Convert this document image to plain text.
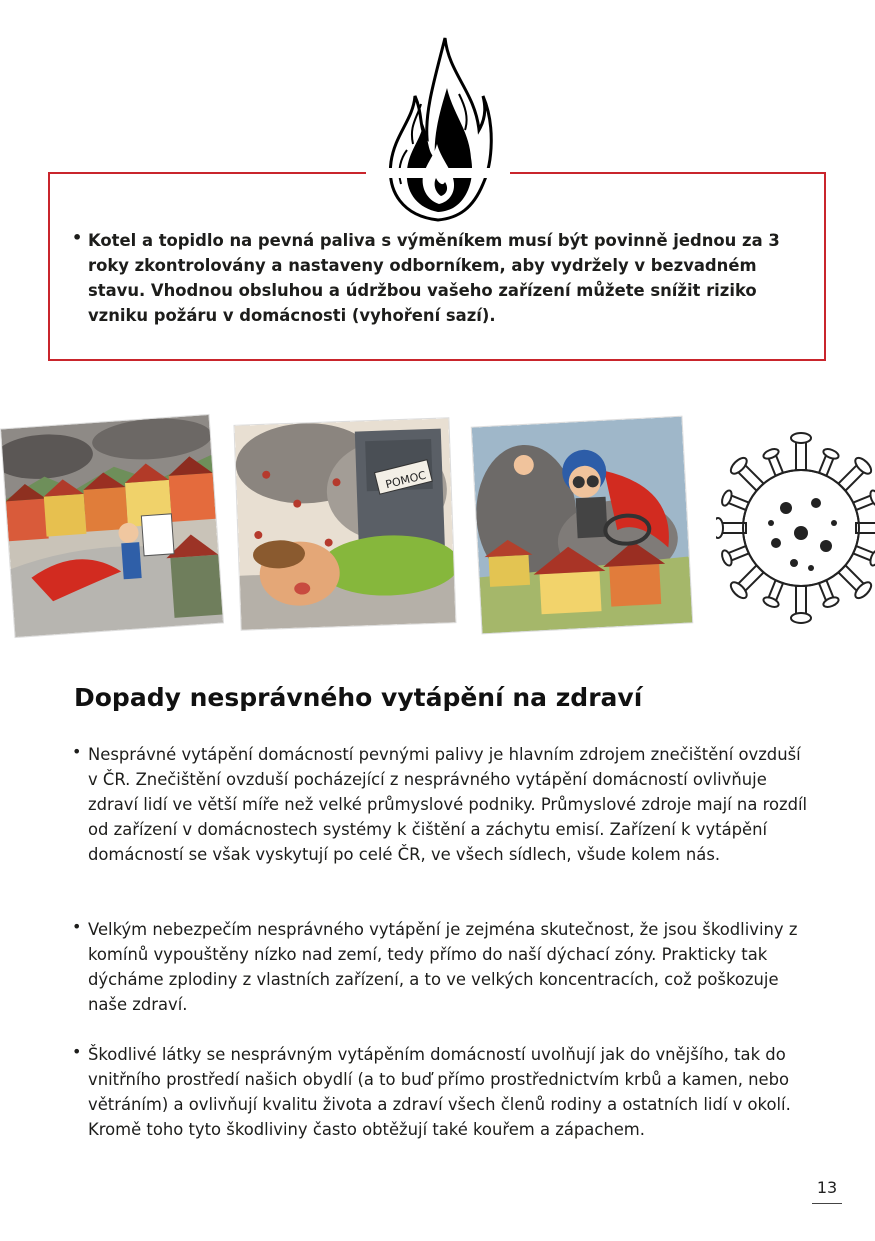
• Kotel a topidlo na pevná paliva s výměníkem musí být povinně jednou za 3 roky zkontrolovány a nastaveny odborníkem, aby vydržely v bezvadném stavu. Vhodnou obsluhou a údržbou vašeho zařízení můžete snížit riziko vzniku požáru v domácnosti (vyhoření sazí).
POMOC
Dopady nesprávného vytápění na zdraví
• Nesprávné vytápění domácností pevnými palivy je hlavním zdrojem znečištění ovzduší v ČR. Znečištění ovzduší pocházející z nesprávného vytápění domácností ovlivňuje zdraví lidí ve větší míře než velké průmyslové podniky. Průmyslové zdroje mají na rozdíl od zařízení v domácnostech systémy k čištění a záchytu emisí. Zařízení k vytápění domácností se však vyskytují po celé ČR, ve všech sídlech, všude kolem nás.
• Velkým nebezpečím nesprávného vytápění je zejména skutečnost, že jsou škodliviny z komínů vypouštěny nízko nad zemí, tedy přímo do naší dýchací zóny. Prakticky tak dýcháme zplodiny z vlastních zařízení, a to ve velkých koncentracích, což poškozuje naše zdraví.
• Škodlivé látky se nesprávným vytápěním domácností uvolňují jak do vnějšího, tak do vnitřního prostředí našich obydlí (a to buď přímo prostřednictvím krbů a kamen, nebo větráním) a ovlivňují kvalitu života a zdraví všech členů rodiny a ostatních lidí v okolí. Kromě toho tyto škodliviny často obtěžují také kouřem a zápachem.
13
